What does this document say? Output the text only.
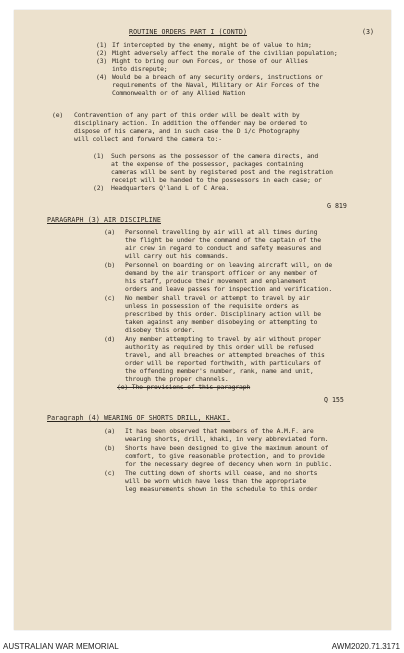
ROUTINE ORDERS PART I (CONTD)	(3)
(1) If intercepted by the enemy, might be of value to him;
(2) Might adversely affect the morale of the civilian population;
(3) Might to bring our own Forces, or those of our Allies
into disrepute;
(4) Would be a breach of any security orders, instructions or
requirements of the Naval, Military or Air Forces of the
Commonwealth or of any Allied Nation
(e) Contravention of any part of this order will be dealt with by
disciplinary action. In addition the offender may be ordered to
dispose of his camera, and in such case the D i/c Photography
will collect and forward the camera to:-
(1) Such persons as the possessor of the camera directs, and
at the expense of the possessor, packages containing
cameras will be sent by registered post and the registration
receipt will be handed to the possessors in each case; or
(2) Headquarters Q'land L of C Area.
G 819
PARAGRAPH (3) AIR DISCIPLINE
(a) Personnel travelling by air will at all times during
the flight be under the command of the captain of the
air crew in regard to conduct and safety measures and
will carry out his commands.
(b) Personnel on boarding or on leaving aircraft will, on de
demand by the air transport officer or any member of
his staff, produce their movement and enplanement
orders and leave passes for inspection and verification.
(c) No member shall travel or attempt to travel by air
unless in possession of the requisite orders as
prescribed by this order. Disciplinary action will be
taken against any member disobeying or attempting to
disobey this order.
(d) Any member attempting to travel by air without proper
authority as required by this order will be refused
travel, and all breaches or attempted breaches of this
order will be reported forthwith, with particulars of
the offending member's number, rank, name and unit,
through the proper channels.
(e) The provisions of this paragraph
Q 155
Paragraph (4) WEARING OF SHORTS DRILL, KHAKI.
(a) It has been observed that members of the A.M.F. are
wearing shorts, drill, khaki, in very abbreviated form.
(b) Shorts have been designed to give the maximum amount of
comfort, to give reasonable protection, and to provide
for the necessary degree of decency when worn in public.
(c) The cutting down of shorts will cease, and no shorts
will be worn which have less than the appropriate
leg measurements shown in the schedule to this order
AUSTRALIAN WAR MEMORIAL	AWM2020.71.3171
